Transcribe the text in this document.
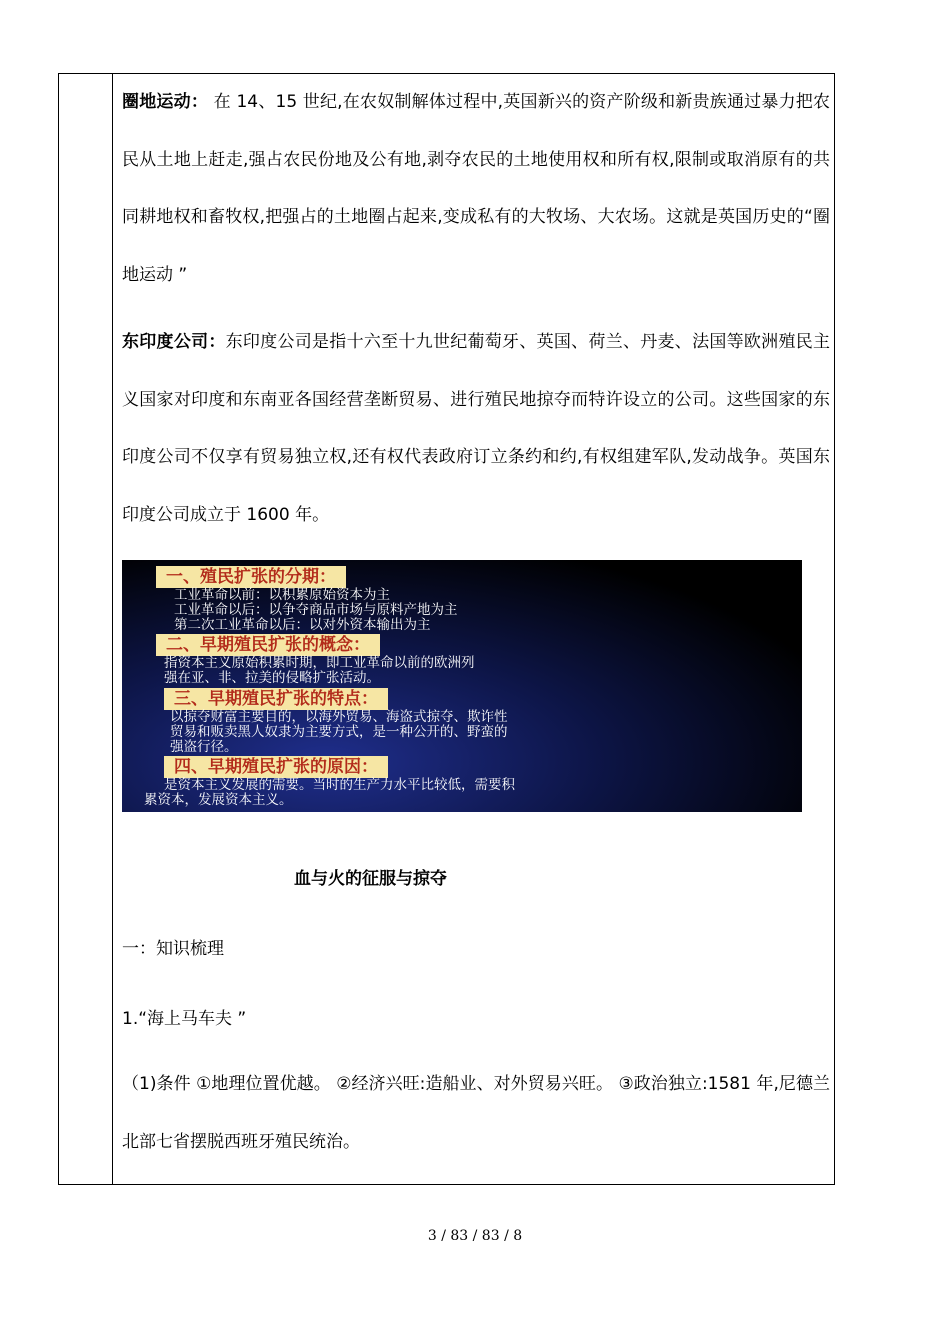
圈地运动： 在 14、15 世纪,在农奴制解体过程中,英国新兴的资产阶级和新贵族通过暴力把农民从土地上赶走,强占农民份地及公有地,剥夺农民的土地使用权和所有权,限制或取消原有的共同耕地权和畜牧权,把强占的土地圈占起来,变成私有的大牧场、大农场。这就是英国历史的“圈地运动 ”

东印度公司：东印度公司是指十六至十九世纪葡萄牙、英国、荷兰、丹麦、法国等欧洲殖民主义国家对印度和东南亚各国经营垄断贸易、进行殖民地掠夺而特许设立的公司。这些国家的东印度公司不仅享有贸易独立权,还有权代表政府订立条约和约,有权组建军队,发动战争。英国东印度公司成立于 1600 年。

一、殖民扩张的分期：
工业革命以前：以积累原始资本为主
工业革命以后：以争夺商品市场与原料产地为主
第二次工业革命以后：以对外资本输出为主
二、早期殖民扩张的概念：
指资本主义原始积累时期，即工业革命以前的欧洲列
强在亚、非、拉美的侵略扩张活动。
三、早期殖民扩张的特点：
以掠夺财富主要目的，以海外贸易、海盗式掠夺、欺诈性
贸易和贩卖黑人奴隶为主要方式，是一种公开的、野蛮的
强盗行径。
四、早期殖民扩张的原因：
是资本主义发展的需要。当时的生产力水平比较低，需要积
累资本，发展资本主义。

血与火的征服与掠夺

一：知识梳理

1.“海上马车夫 ”

（1)条件 ①地理位置优越。 ②经济兴旺:造船业、对外贸易兴旺。 ③政治独立:1581 年,尼德兰北部七省摆脱西班牙殖民统治。

3 / 83 / 83 / 8
